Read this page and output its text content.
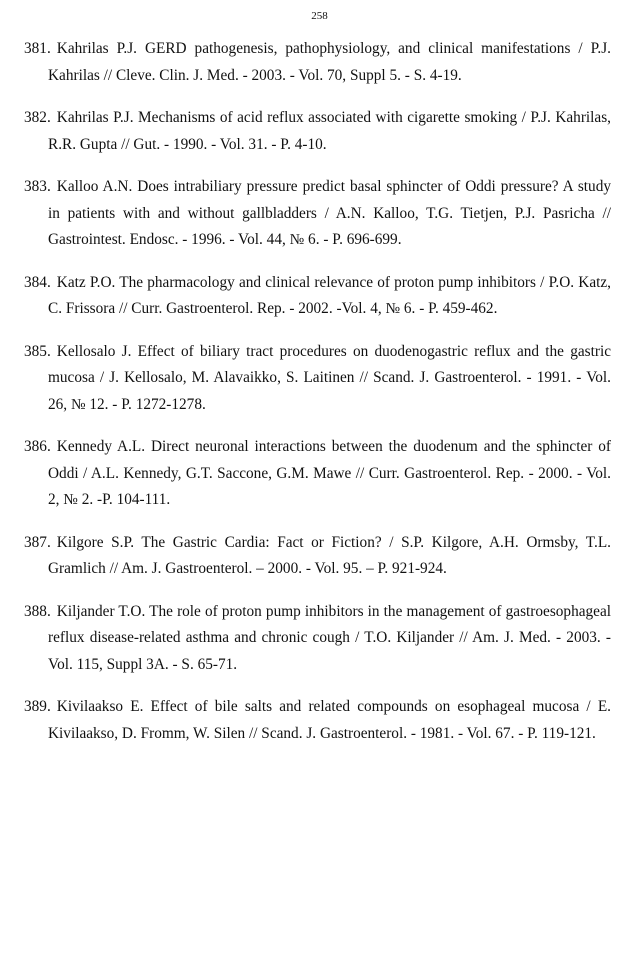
258
381. Kahrilas P.J. GERD pathogenesis, pathophysiology, and clinical manifestations / P.J. Kahrilas // Cleve. Clin. J. Med. - 2003. - Vol. 70, Suppl 5. - S. 4-19.
382. Kahrilas P.J. Mechanisms of acid reflux associated with cigarette smoking / P.J. Kahrilas, R.R. Gupta // Gut. - 1990. - Vol. 31. - P. 4-10.
383. Kalloo A.N. Does intrabiliary pressure predict basal sphincter of Oddi pressure? A study in patients with and without gallbladders / A.N. Kalloo, T.G. Tietjen, P.J. Pasricha // Gastrointest. Endosc. - 1996. - Vol. 44, № 6. - P. 696-699.
384. Katz P.O. The pharmacology and clinical relevance of proton pump inhibitors / P.O. Katz, C. Frissora // Curr. Gastroenterol. Rep. - 2002. -Vol. 4, № 6. - P. 459-462.
385. Kellosalo J. Effect of biliary tract procedures on duodenogastric reflux and the gastric mucosa / J. Kellosalo, M. Alavaikko, S. Laitinen // Scand. J. Gastroenterol. - 1991. - Vol. 26, № 12. - P. 1272-1278.
386. Kennedy A.L. Direct neuronal interactions between the duodenum and the sphincter of Oddi / A.L. Kennedy, G.T. Saccone, G.M. Mawe // Curr. Gastroenterol. Rep. - 2000. - Vol. 2, № 2. -P. 104-111.
387. Kilgore S.P. The Gastric Cardia: Fact or Fiction? / S.P. Kilgore, A.H. Ormsby, T.L. Gramlich // Am. J. Gastroenterol. – 2000. - Vol. 95. – P. 921-924.
388. Kiljander T.O. The role of proton pump inhibitors in the management of gastroesophageal reflux disease-related asthma and chronic cough / T.O. Kiljander // Am. J. Med. - 2003. - Vol. 115, Suppl 3A. - S. 65-71.
389. Kivilaakso E. Effect of bile salts and related compounds on esophageal mucosa / E. Kivilaakso, D. Fromm, W. Silen // Scand. J. Gastroenterol. - 1981. - Vol. 67. - P. 119-121.
